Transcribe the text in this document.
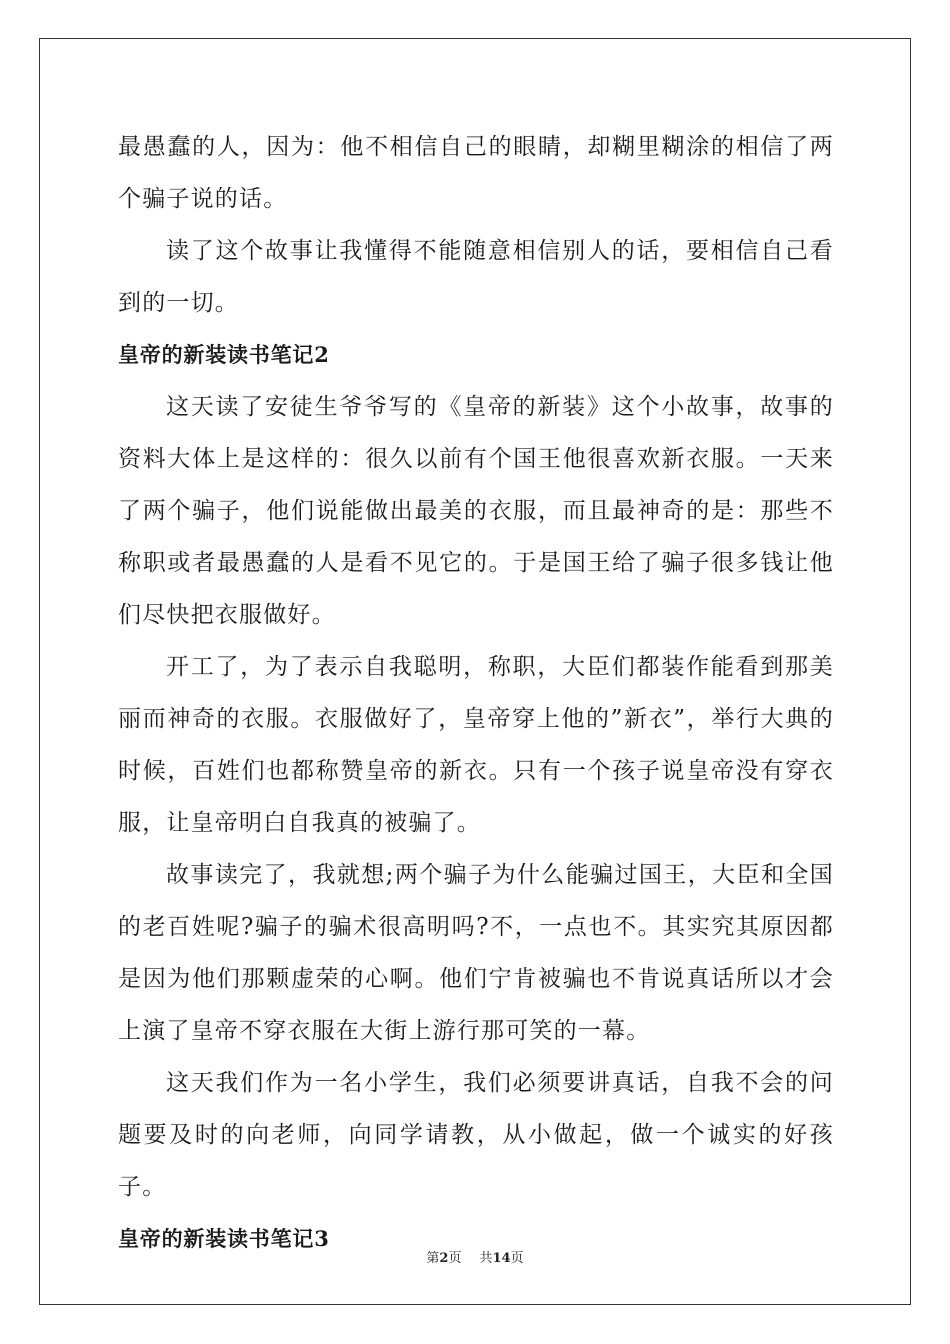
最愚蠢的人，因为：他不相信自己的眼睛，却糊里糊涂的相信了两个骗子说的话。

读了这个故事让我懂得不能随意相信别人的话，要相信自己看到的一切。

皇帝的新装读书笔记2

这天读了安徒生爷爷写的《皇帝的新装》这个小故事，故事的资料大体上是这样的：很久以前有个国王他很喜欢新衣服。一天来了两个骗子，他们说能做出最美的衣服，而且最神奇的是：那些不称职或者最愚蠢的人是看不见它的。于是国王给了骗子很多钱让他们尽快把衣服做好。

开工了，为了表示自我聪明，称职，大臣们都装作能看到那美丽而神奇的衣服。衣服做好了，皇帝穿上他的”新衣”，举行大典的时候，百姓们也都称赞皇帝的新衣。只有一个孩子说皇帝没有穿衣服，让皇帝明白自我真的被骗了。

故事读完了，我就想;两个骗子为什么能骗过国王，大臣和全国的老百姓呢?骗子的骗术很高明吗?不，一点也不。其实究其原因都是因为他们那颗虚荣的心啊。他们宁肯被骗也不肯说真话所以才会上演了皇帝不穿衣服在大街上游行那可笑的一幕。

这天我们作为一名小学生，我们必须要讲真话，自我不会的问题要及时的向老师，向同学请教，从小做起，做一个诚实的好孩子。

皇帝的新装读书笔记3
第2页 共14页
